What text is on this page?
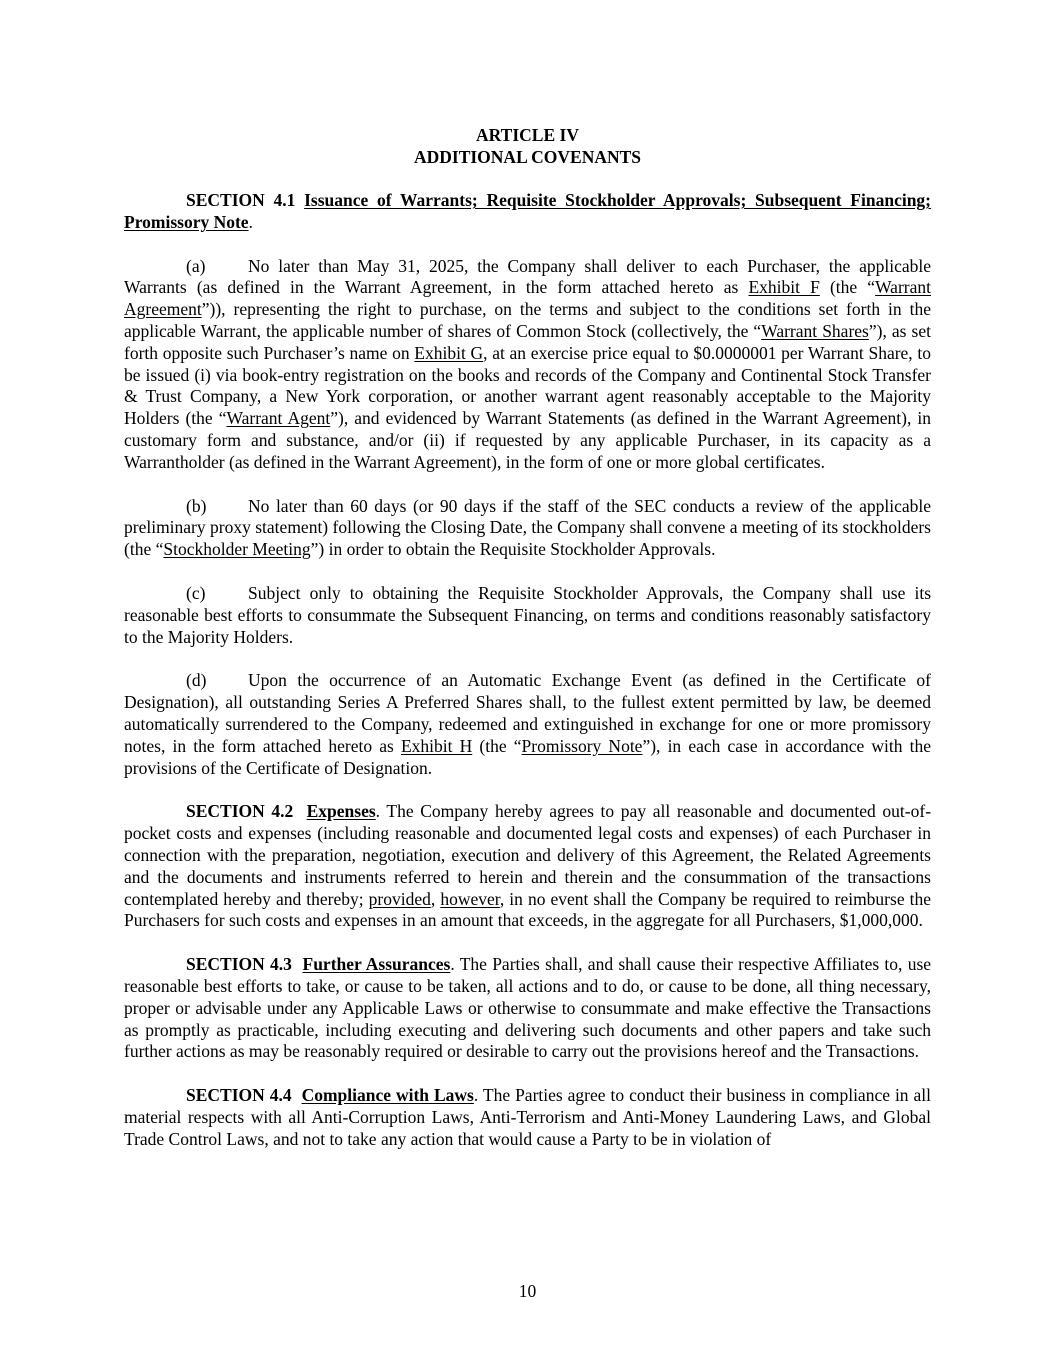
ARTICLE IV
ADDITIONAL COVENANTS

SECTION 4.1 Issuance of Warrants; Requisite Stockholder Approvals; Subsequent Financing; Promissory Note.

(a) No later than May 31, 2025, the Company shall deliver to each Purchaser, the applicable Warrants (as defined in the Warrant Agreement, in the form attached hereto as Exhibit F (the “Warrant Agreement”)), representing the right to purchase, on the terms and subject to the conditions set forth in the applicable Warrant, the applicable number of shares of Common Stock (collectively, the “Warrant Shares”), as set forth opposite such Purchaser’s name on Exhibit G, at an exercise price equal to $0.0000001 per Warrant Share, to be issued (i) via book-entry registration on the books and records of the Company and Continental Stock Transfer & Trust Company, a New York corporation, or another warrant agent reasonably acceptable to the Majority Holders (the “Warrant Agent”), and evidenced by Warrant Statements (as defined in the Warrant Agreement), in customary form and substance, and/or (ii) if requested by any applicable Purchaser, in its capacity as a Warrantholder (as defined in the Warrant Agreement), in the form of one or more global certificates.

(b) No later than 60 days (or 90 days if the staff of the SEC conducts a review of the applicable preliminary proxy statement) following the Closing Date, the Company shall convene a meeting of its stockholders (the “Stockholder Meeting”) in order to obtain the Requisite Stockholder Approvals.

(c) Subject only to obtaining the Requisite Stockholder Approvals, the Company shall use its reasonable best efforts to consummate the Subsequent Financing, on terms and conditions reasonably satisfactory to the Majority Holders.

(d) Upon the occurrence of an Automatic Exchange Event (as defined in the Certificate of Designation), all outstanding Series A Preferred Shares shall, to the fullest extent permitted by law, be deemed automatically surrendered to the Company, redeemed and extinguished in exchange for one or more promissory notes, in the form attached hereto as Exhibit H (the “Promissory Note”), in each case in accordance with the provisions of the Certificate of Designation.

SECTION 4.2 Expenses. The Company hereby agrees to pay all reasonable and documented out-of-pocket costs and expenses (including reasonable and documented legal costs and expenses) of each Purchaser in connection with the preparation, negotiation, execution and delivery of this Agreement, the Related Agreements and the documents and instruments referred to herein and therein and the consummation of the transactions contemplated hereby and thereby; provided, however, in no event shall the Company be required to reimburse the Purchasers for such costs and expenses in an amount that exceeds, in the aggregate for all Purchasers, $1,000,000.

SECTION 4.3 Further Assurances. The Parties shall, and shall cause their respective Affiliates to, use reasonable best efforts to take, or cause to be taken, all actions and to do, or cause to be done, all thing necessary, proper or advisable under any Applicable Laws or otherwise to consummate and make effective the Transactions as promptly as practicable, including executing and delivering such documents and other papers and take such further actions as may be reasonably required or desirable to carry out the provisions hereof and the Transactions.

SECTION 4.4 Compliance with Laws. The Parties agree to conduct their business in compliance in all material respects with all Anti-Corruption Laws, Anti-Terrorism and Anti-Money Laundering Laws, and Global Trade Control Laws, and not to take any action that would cause a Party to be in violation of

10
